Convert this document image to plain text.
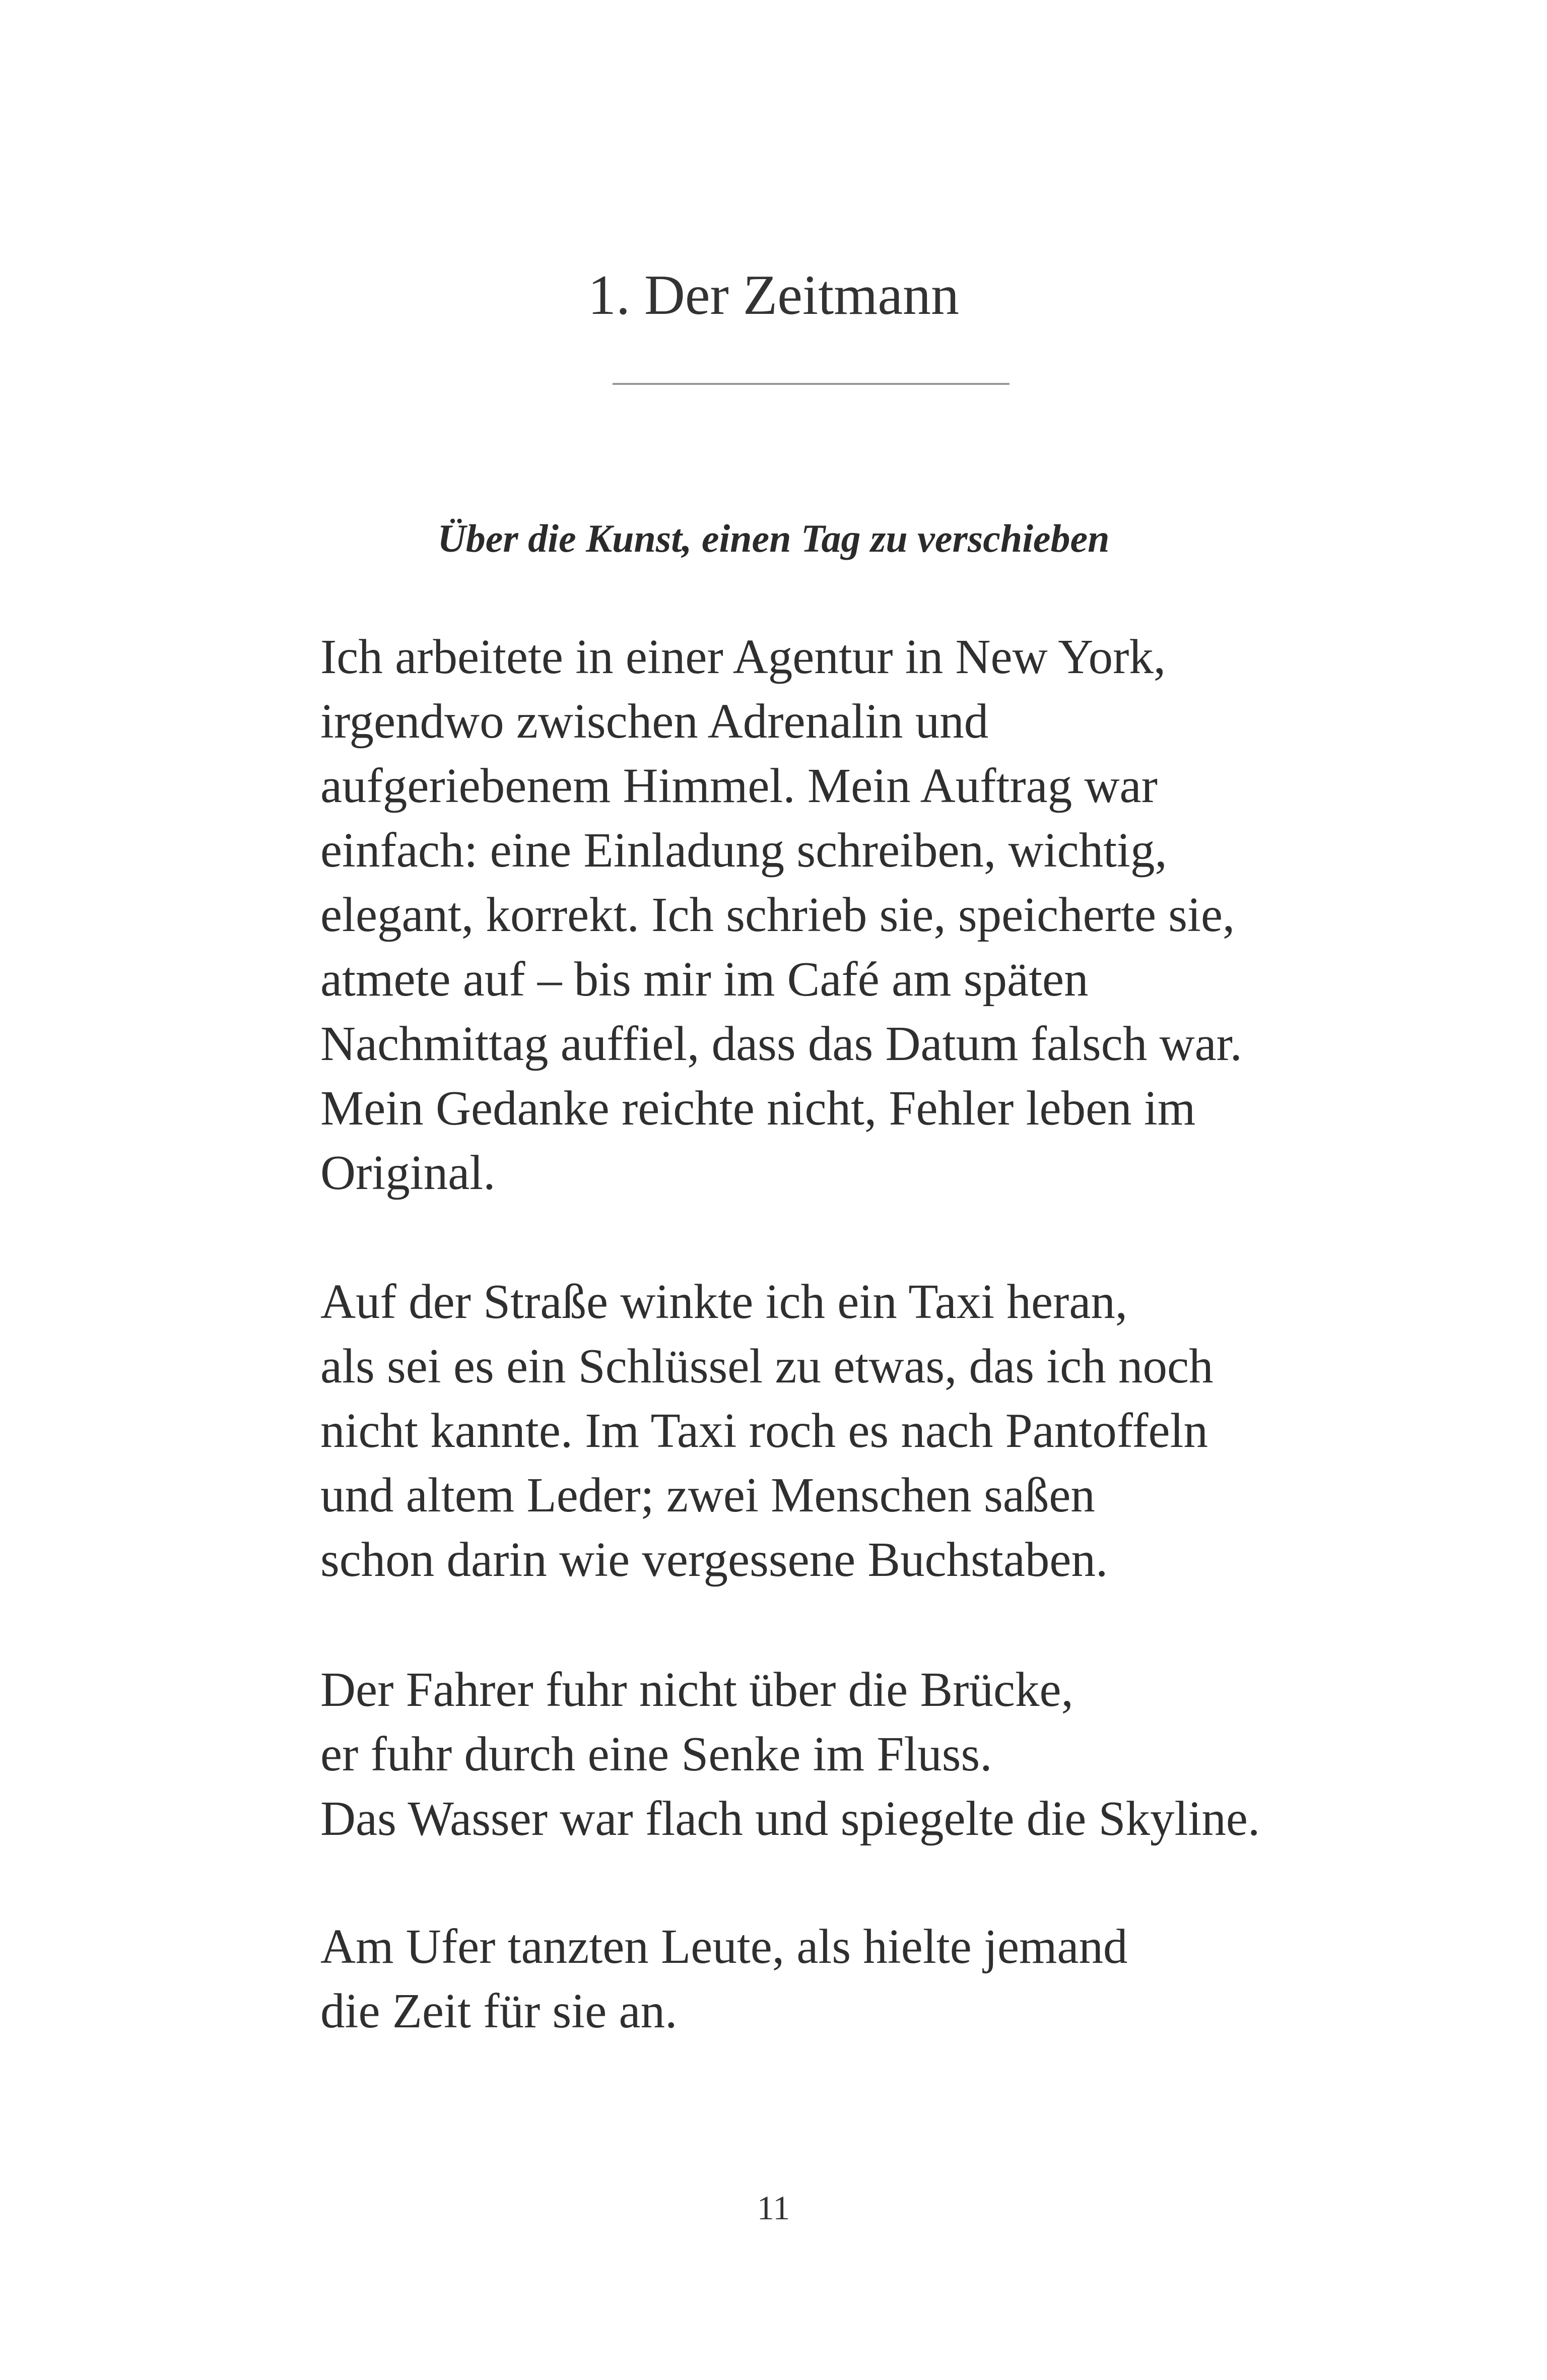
1. Der Zeitmann
Über die Kunst, einen Tag zu verschieben

Ich arbeitete in einer Agentur in New York,
irgendwo zwischen Adrenalin und
aufgeriebenem Himmel. Mein Auftrag war
einfach: eine Einladung schreiben, wichtig,
elegant, korrekt. Ich schrieb sie, speicherte sie,
atmete auf – bis mir im Café am späten
Nachmittag auffiel, dass das Datum falsch war.
Mein Gedanke reichte nicht, Fehler leben im
Original.

Auf der Straße winkte ich ein Taxi heran,
als sei es ein Schlüssel zu etwas, das ich noch
nicht kannte. Im Taxi roch es nach Pantoffeln
und altem Leder; zwei Menschen saßen
schon darin wie vergessene Buchstaben.

Der Fahrer fuhr nicht über die Brücke,
er fuhr durch eine Senke im Fluss.
Das Wasser war flach und spiegelte die Skyline.

Am Ufer tanzten Leute, als hielte jemand
die Zeit für sie an.

11
